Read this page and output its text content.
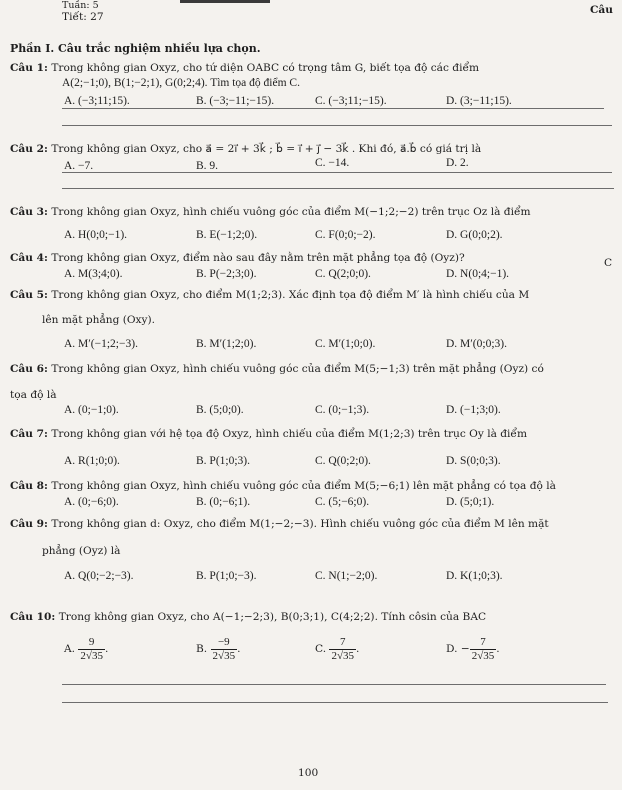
Tuần: 5
Tiết: 27
Câu
Phần I. Câu trắc nghiệm nhiều lựa chọn.
Câu 1: Trong không gian Oxyz, cho tứ diện OABC có trọng tâm G, biết tọa độ các điểm
A(2;−1;0), B(1;−2;1), G(0;2;4). Tìm tọa độ điểm C.
A. (−3;11;15).	B. (−3;−11;−15).	C. (−3;11;−15).	D. (3;−11;15).
Câu 2: Trong không gian Oxyz, cho a⃗ = 2i⃗ + 3k⃗ ; b⃗ = i⃗ + j⃗ − 3k⃗ . Khi đó, a⃗.b⃗ có giá trị là
A. −7.	B. 9.	C. −14.	D. 2.
Câu 3: Trong không gian Oxyz, hình chiếu vuông góc của điểm M(−1;2;−2) trên trục Oz là điểm
A. H(0;0;−1).	B. E(−1;2;0).	C. F(0;0;−2).	D. G(0;0;2).
Câu 4: Trong không gian Oxyz, điểm nào sau đây nằm trên mặt phẳng tọa độ (Oyz)?	C
A. M(3;4;0).	B. P(−2;3;0).	C. Q(2;0;0).	D. N(0;4;−1).
Câu 5: Trong không gian Oxyz, cho điểm M(1;2;3). Xác định tọa độ điểm M′ là hình chiếu của M
lên mặt phẳng (Oxy).
A. M′(−1;2;−3).	B. M′(1;2;0).	C. M′(1;0;0).	D. M′(0;0;3).
Câu 6: Trong không gian Oxyz, hình chiếu vuông góc của điểm M(5;−1;3) trên mặt phẳng (Oyz) có
tọa độ là
A. (0;−1;0).	B. (5;0;0).	C. (0;−1;3).	D. (−1;3;0).
Câu 7: Trong không gian với hệ tọa độ Oxyz, hình chiếu của điểm M(1;2;3) trên trục Oy là điểm
A. R(1;0;0).	B. P(1;0;3).	C. Q(0;2;0).	D. S(0;0;3).
Câu 8: Trong không gian Oxyz, hình chiếu vuông góc của điểm M(5;−6;1) lên mặt phẳng có tọa độ là
A. (0;−6;0).	B. (0;−6;1).	C. (5;−6;0).	D. (5;0;1).
Câu 9: Trong không gian d: Oxyz, cho điểm M(1;−2;−3). Hình chiếu vuông góc của điểm M lên mặt
phẳng (Oyz) là
A. Q(0;−2;−3).	B. P(1;0;−3).	C. N(1;−2;0).	D. K(1;0;3).
Câu 10: Trong không gian Oxyz, cho A(−1;−2;3), B(0;3;1), C(4;2;2). Tính côsin của BAC
A. $\frac{9}{2√35}$ .	B. $\frac{-9}{2√35}$ .	C. $\frac{7}{2√35}$ .	D. − $\frac{7}{2√35}$ .
100
